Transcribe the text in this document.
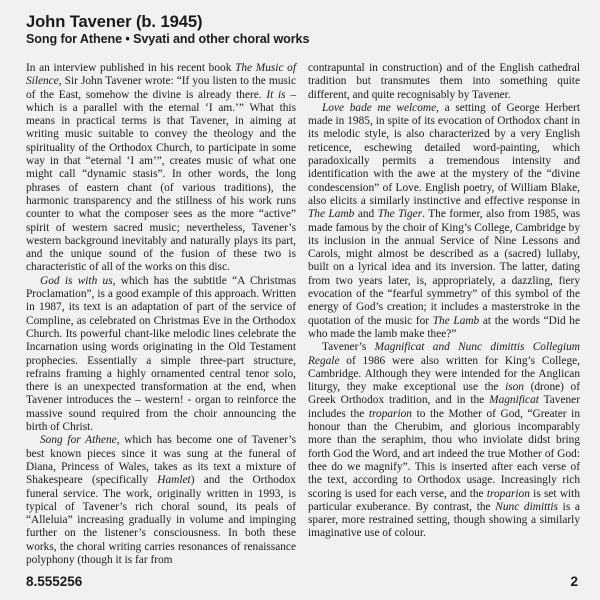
John Tavener (b. 1945)
Song for Athene • Svyati and other choral works

In an interview published in his recent book The Music of Silence, Sir John Tavener wrote: “If you listen to the music of the East, somehow the divine is already there. It is – which is a parallel with the eternal ‘I am.’” What this means in practical terms is that Tavener, in aiming at writing music suitable to convey the theology and the spirituality of the Orthodox Church, to participate in some way in that “eternal ‘I am’”, creates music of what one might call “dynamic stasis”. In other words, the long phrases of eastern chant (of various traditions), the harmonic transparency and the stillness of his work runs counter to what the composer sees as the more “active” spirit of western sacred music; nevertheless, Tavener’s western background inevitably and naturally plays its part, and the unique sound of the fusion of these two is characteristic of all of the works on this disc.

God is with us, which has the subtitle “A Christmas Proclamation”, is a good example of this approach. Written in 1987, its text is an adaptation of part of the service of Compline, as celebrated on Christmas Eve in the Orthodox Church. Its powerful chant-like melodic lines celebrate the Incarnation using words originating in the Old Testament prophecies. Essentially a simple three-part structure, refrains framing a highly ornamented central tenor solo, there is an unexpected transformation at the end, when Tavener introduces the – western! - organ to reinforce the massive sound required from the choir announcing the birth of Christ.

Song for Athene, which has become one of Tavener’s best known pieces since it was sung at the funeral of Diana, Princess of Wales, takes as its text a mixture of Shakespeare (specifically Hamlet) and the Orthodox funeral service. The work, originally written in 1993, is typical of Tavener’s rich choral sound, its peals of “Alleluia” increasing gradually in volume and impinging further on the listener’s consciousness. In both these works, the choral writing carries resonances of renaissance polyphony (though it is far from

contrapuntal in construction) and of the English cathedral tradition but transmutes them into something quite different, and quite recognisably by Tavener.

Love bade me welcome, a setting of George Herbert made in 1985, in spite of its evocation of Orthodox chant in its melodic style, is also characterized by a very English reticence, eschewing detailed word-painting, which paradoxically permits a tremendous intensity and identification with the awe at the mystery of the “divine condescension” of Love. English poetry, of William Blake, also elicits a similarly instinctive and effective response in The Lamb and The Tiger. The former, also from 1985, was made famous by the choir of King’s College, Cambridge by its inclusion in the annual Service of Nine Lessons and Carols, might almost be described as a (sacred) lullaby, built on a lyrical idea and its inversion. The latter, dating from two years later, is, appropriately, a dazzling, fiery evocation of the “fearful symmetry” of this symbol of the energy of God’s creation; it includes a masterstroke in the quotation of the music for The Lamb at the words “Did he who made the lamb make thee?”

Tavener’s Magnificat and Nunc dimittis Collegium Regale of 1986 were also written for King’s College, Cambridge. Although they were intended for the Anglican liturgy, they make exceptional use the ison (drone) of Greek Orthodox tradition, and in the Magnificat Tavener includes the troparion to the Mother of God, “Greater in honour than the Cherubim, and glorious incomparably more than the seraphim, thou who inviolate didst bring forth God the Word, and art indeed the true Mother of God: thee do we magnify”. This is inserted after each verse of the text, according to Orthodox usage. Increasingly rich scoring is used for each verse, and the troparion is set with particular exuberance. By contrast, the Nunc dimittis is a sparer, more restrained setting, though showing a similarly imaginative use of colour.

8.555256	2
